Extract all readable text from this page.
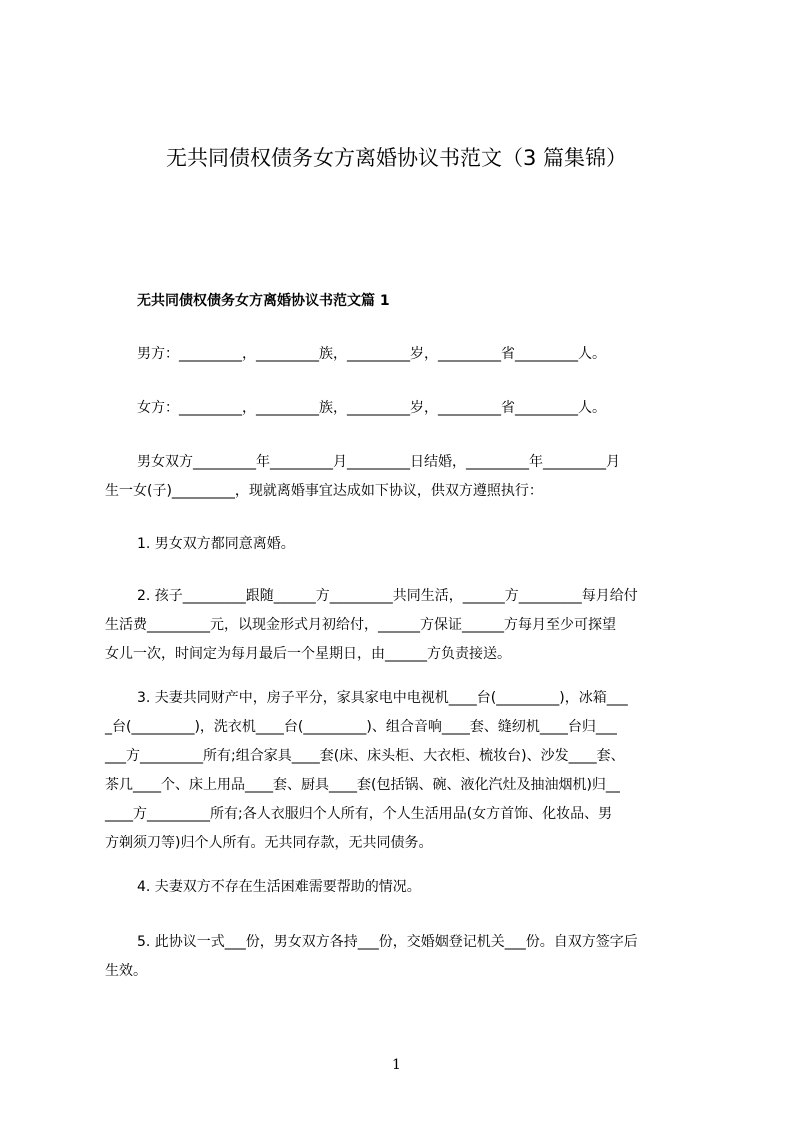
无共同债权债务女方离婚协议书范文（3 篇集锦）
无共同债权债务女方离婚协议书范文篇 1
男方：_________，_________族，_________岁，_________省_________人。
女方：_________，_________族，_________岁，_________省_________人。
男女双方_________年_________月_________日结婚，_________年_________月
生一女(子)_________，现就离婚事宜达成如下协议，供双方遵照执行：
1. 男女双方都同意离婚。
2. 孩子_________跟随______方_________共同生活，______方_________每月给付
生活费_________元，以现金形式月初给付，______方保证______方每月至少可探望
女儿一次，时间定为每月最后一个星期日，由______方负责接送。
3. 夫妻共同财产中，房子平分，家具家电中电视机____台(_________)，冰箱___
_台(_________)，洗衣机____台(_________)、组合音响____套、缝纫机____台归___
___方_________所有;组合家具____套(床、床头柜、大衣柜、梳妆台)、沙发____套、
茶几____个、床上用品____套、厨具____套(包括锅、碗、液化汽灶及抽油烟机)归__
____方_________所有;各人衣服归个人所有，个人生活用品(女方首饰、化妆品、男
方剃须刀等)归个人所有。无共同存款，无共同债务。
4. 夫妻双方不存在生活困难需要帮助的情况。
5. 此协议一式___份，男女双方各持___份，交婚姻登记机关___份。自双方签字后
生效。
1
